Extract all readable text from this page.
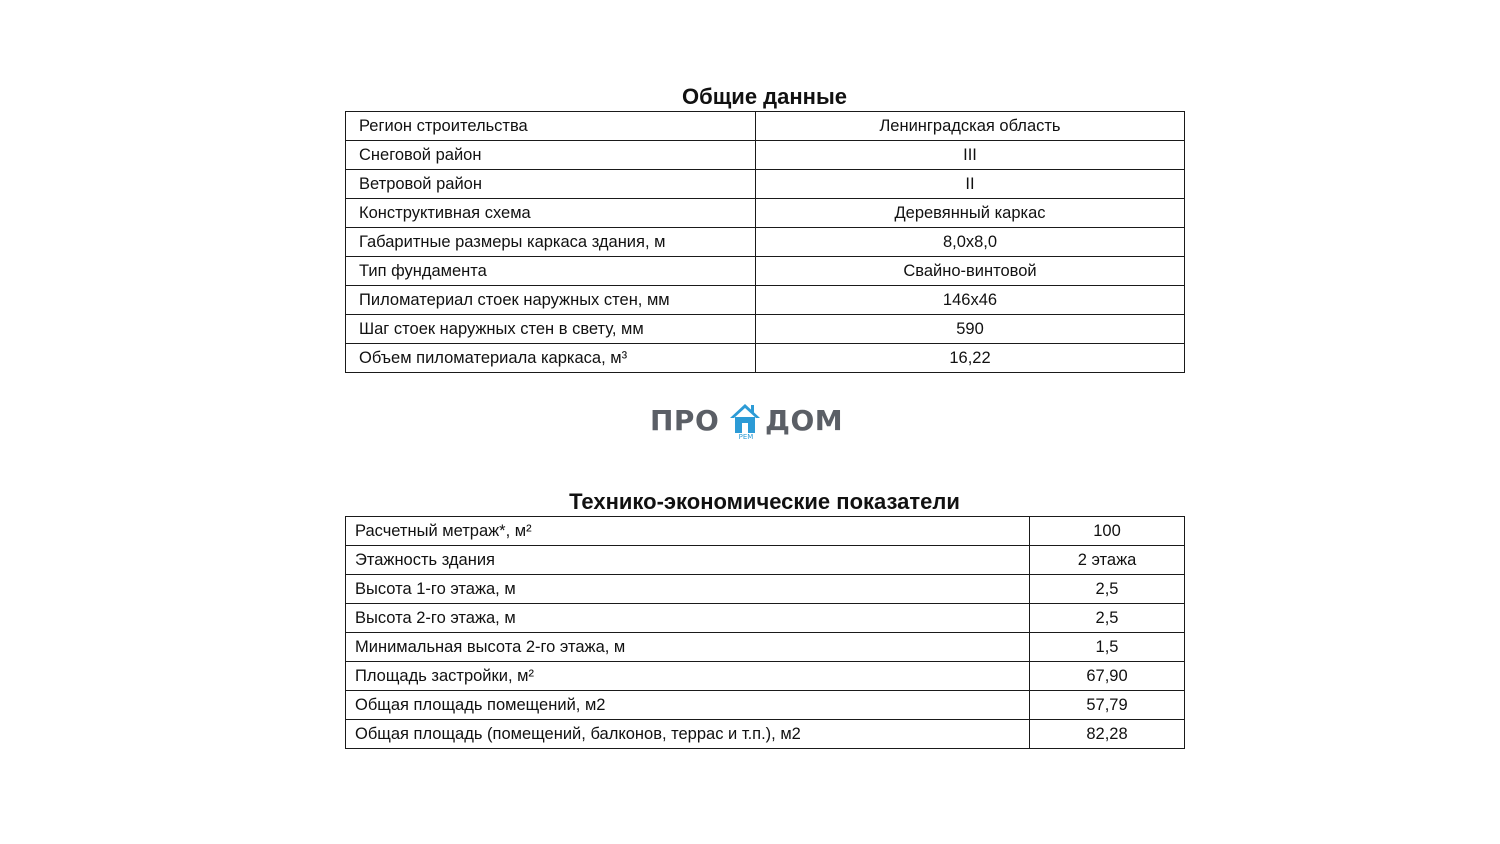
Общие данные
Регион строительства	Ленинградская область
Снеговой район	III
Ветровой район	II
Конструктивная схема	Деревянный каркас
Габаритные размеры каркаса здания, м	8,0х8,0
Тип фундамента	Свайно-винтовой
Пиломатериал стоек наружных стен, мм	146х46
Шаг стоек наружных стен в свету, мм	590
Объем пиломатериала каркаса, м³	16,22
ПРО	РЕМ ДОМ
Технико-экономические показатели
Расчетный метраж*, м²	100
Этажность здания	2 этажа
Высота 1-го этажа, м	2,5
Высота 2-го этажа, м	2,5
Минимальная высота 2-го этажа, м	1,5
Площадь застройки, м²	67,90
Общая площадь помещений, м2	57,79
Общая площадь (помещений, балконов, террас и т.п.), м2	82,28
